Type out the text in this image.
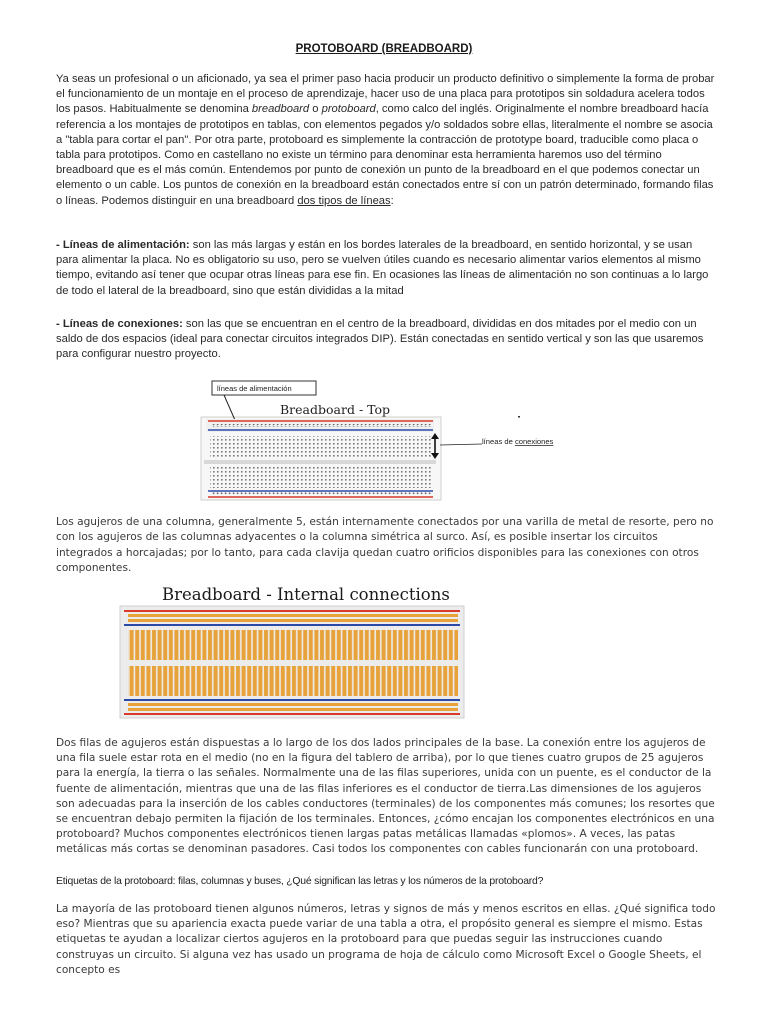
PROTOBOARD (BREADBOARD)

Ya seas un profesional o un aficionado, ya sea el primer paso hacia producir un producto definitivo o simplemente la forma de probar el funcionamiento de un montaje en el proceso de aprendizaje, hacer uso de una placa para prototipos sin soldadura acelera todos los pasos. Habitualmente se denomina breadboard o protoboard, como calco del inglés. Originalmente el nombre breadboard hacía referencia a los montajes de prototipos en tablas, con elementos pegados y/o soldados sobre ellas, literalmente el nombre se asocia a "tabla para cortar el pan". Por otra parte, protoboard es simplemente la contracción de prototype board, traducible como placa o tabla para prototipos. Como en castellano no existe un término para denominar esta herramienta haremos uso del término breadboard que es el más común. Entendemos por punto de conexión un punto de la breadboard en el que podemos conectar un elemento o un cable. Los puntos de conexión en la breadboard están conectados entre sí con un patrón determinado, formando filas o líneas. Podemos distinguir en una breadboard dos tipos de líneas:

- Líneas de alimentación: son las más largas y están en los bordes laterales de la breadboard, en sentido horizontal, y se usan para alimentar la placa. No es obligatorio su uso, pero se vuelven útiles cuando es necesario alimentar varios elementos al mismo tiempo, evitando así tener que ocupar otras líneas para ese fin. En ocasiones las líneas de alimentación no son continuas a lo largo de todo el lateral de la breadboard, sino que están divididas a la mitad

- Líneas de conexiones: son las que se encuentran en el centro de la breadboard, divididas en dos mitades por el medio con un saldo de dos espacios (ideal para conectar circuitos integrados DIP). Están conectadas en sentido vertical y son las que usaremos para configurar nuestro proyecto.

Breadboard - Top
líneas de alimentación
líneas de conexiones

Los agujeros de una columna, generalmente 5, están internamente conectados por una varilla de metal de resorte, pero no con los agujeros de las columnas adyacentes o la columna simétrica al surco. Así, es posible insertar los circuitos integrados a horcajadas; por lo tanto, para cada clavija quedan cuatro orificios disponibles para las conexiones con otros componentes.

Breadboard - Internal connections

Dos filas de agujeros están dispuestas a lo largo de los dos lados principales de la base. La conexión entre los agujeros de una fila suele estar rota en el medio (no en la figura del tablero de arriba), por lo que tienes cuatro grupos de 25 agujeros para la energía, la tierra o las señales. Normalmente una de las filas superiores, unida con un puente, es el conductor de la fuente de alimentación, mientras que una de las filas inferiores es el conductor de tierra.Las dimensiones de los agujeros son adecuadas para la inserción de los cables conductores (terminales) de los componentes más comunes; los resortes que se encuentran debajo permiten la fijación de los terminales. Entonces, ¿cómo encajan los componentes electrónicos en una protoboard? Muchos componentes electrónicos tienen largas patas metálicas llamadas «plomos». A veces, las patas metálicas más cortas se denominan pasadores. Casi todos los componentes con cables funcionarán con una protoboard.

Etiquetas de la protoboard: filas, columnas y buses, ¿Qué significan las letras y los números de la protoboard?

La mayoría de las protoboard tienen algunos números, letras y signos de más y menos escritos en ellas. ¿Qué significa todo eso? Mientras que su apariencia exacta puede variar de una tabla a otra, el propósito general es siempre el mismo. Estas etiquetas te ayudan a localizar ciertos agujeros en la protoboard para que puedas seguir las instrucciones cuando construyas un circuito. Si alguna vez has usado un programa de hoja de cálculo como Microsoft Excel o Google Sheets, el concepto es
